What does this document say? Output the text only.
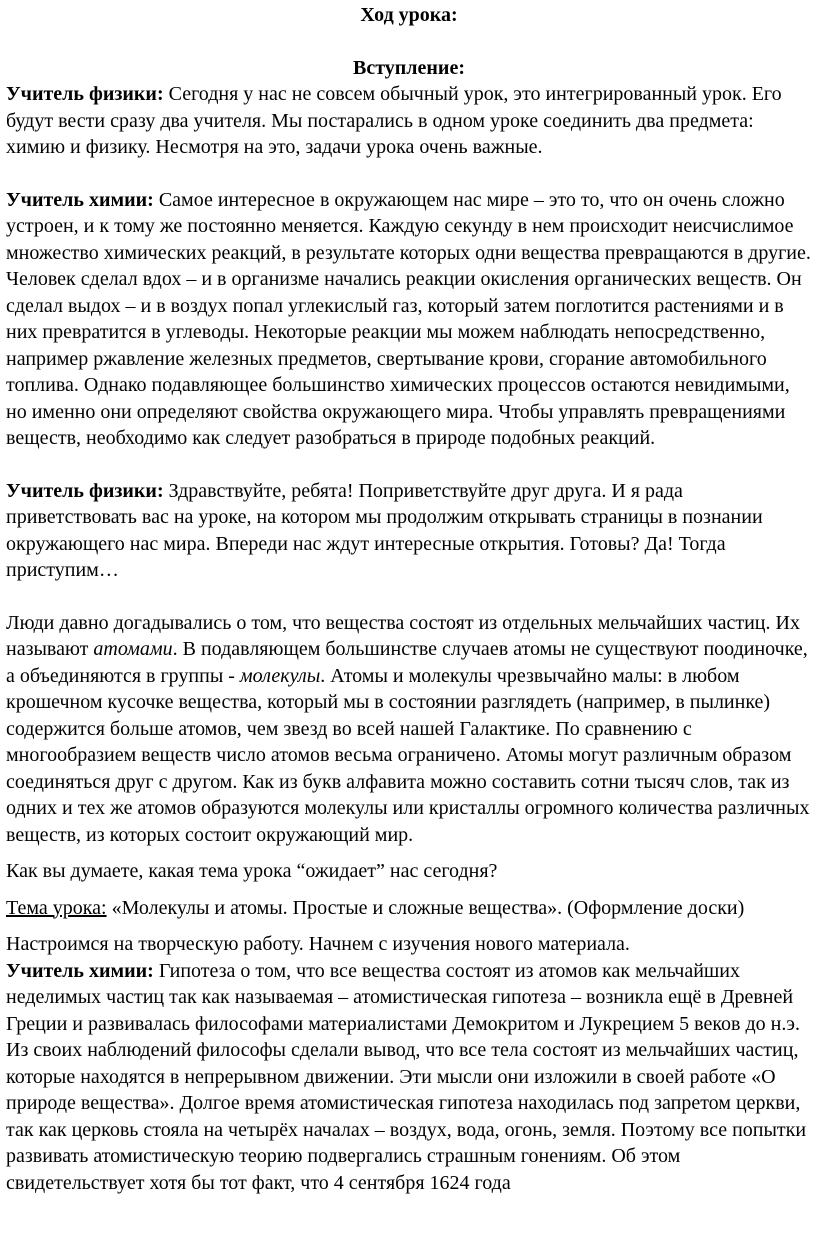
Ход урока:

Вступление:

Учитель физики: Сегодня у нас не совсем обычный урок, это интегрированный урок. Его будут вести сразу два учителя. Мы постарались в одном уроке соединить два предмета: химию и физику. Несмотря на это, задачи урока очень важные.

Учитель химии: Самое интересное в окружающем нас мире – это то, что он очень сложно устроен, и к тому же постоянно меняется. Каждую секунду в нем происходит неисчислимое множество химических реакций, в результате которых одни вещества превращаются в другие. Человек сделал вдох – и в организме начались реакции окисления органических веществ. Он сделал выдох – и в воздух попал углекислый газ, который затем поглотится растениями и в них превратится в углеводы. Некоторые реакции мы можем наблюдать непосредственно, например ржавление железных предметов, свертывание крови, сгорание автомобильного топлива. Однако подавляющее большинство химических процессов остаются невидимыми, но именно они определяют свойства окружающего мира. Чтобы управлять превращениями веществ, необходимо как следует разобраться в природе подобных реакций.

Учитель физики: Здравствуйте, ребята! Поприветствуйте друг друга. И я рада приветствовать вас на уроке, на котором мы продолжим открывать страницы в познании окружающего нас мира. Впереди нас ждут интересные открытия. Готовы? Да! Тогда приступим…

Люди давно догадывались о том, что вещества состоят из отдельных мельчайших частиц. Их называют атомами. В подавляющем большинстве случаев атомы не существуют поодиночке, а объединяются в группы - молекулы. Атомы и молекулы чрезвычайно малы: в любом крошечном кусочке вещества, который мы в состоянии разглядеть (например, в пылинке) содержится больше атомов, чем звезд во всей нашей Галактике. По сравнению с многообразием веществ число атомов весьма ограничено. Атомы могут различным образом соединяться друг с другом. Как из букв алфавита можно составить сотни тысяч слов, так из одних и тех же атомов образуются молекулы или кристаллы огромного количества различных веществ, из которых состоит окружающий мир.

Как вы думаете, какая тема урока “ожидает” нас сегодня?

Тема урока: «Молекулы и атомы. Простые и сложные вещества». (Оформление доски)

Настроимся на творческую работу. Начнем с изучения нового материала.

Учитель химии: Гипотеза о том, что все вещества состоят из атомов как мельчайших неделимых частиц так как называемая – атомистическая гипотеза – возникла ещё в Древней Греции и развивалась философами материалистами Демокритом и Лукрецием 5 веков до н.э. Из своих наблюдений философы сделали вывод, что все тела состоят из мельчайших частиц, которые находятся в непрерывном движении. Эти мысли они изложили в своей работе «О природе вещества». Долгое время атомистическая гипотеза находилась под запретом церкви, так как церковь стояла на четырёх началах – воздух, вода, огонь, земля. Поэтому все попытки развивать атомистическую теорию подвергались страшным гонениям. Об этом свидетельствует хотя бы тот факт, что 4 сентября 1624 года
